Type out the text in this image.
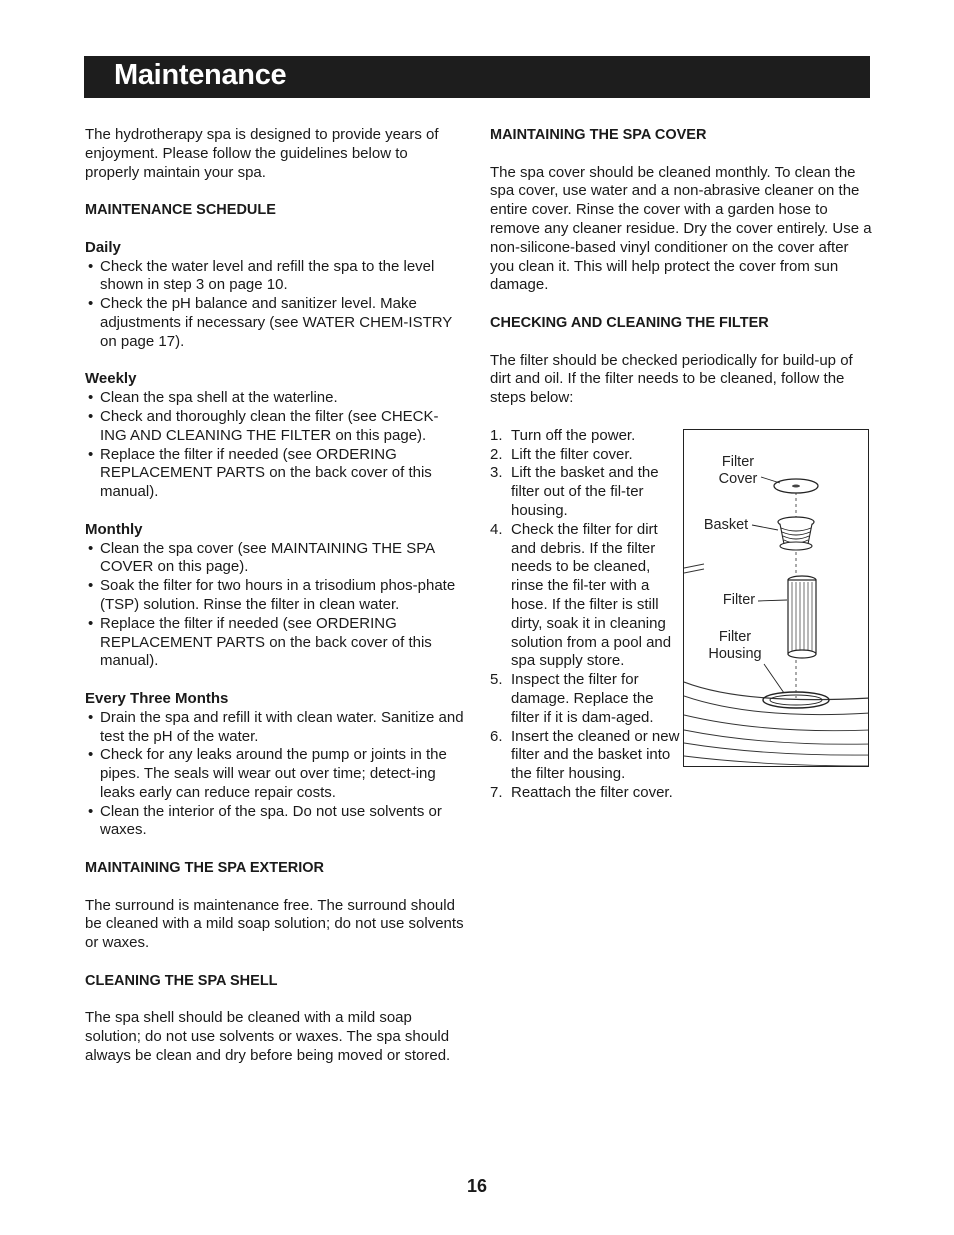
Maintenance

The hydrotherapy spa is designed to provide years of enjoyment. Please follow the guidelines below to properly maintain your spa.

MAINTENANCE SCHEDULE

Daily

• Check the water level and refill the spa to the level shown in step 3 on page 10.
• Check the pH balance and sanitizer level. Make adjustments if necessary (see WATER CHEM-ISTRY on page 17).

Weekly

• Clean the spa shell at the waterline.
• Check and thoroughly clean the filter (see CHECK-ING AND CLEANING THE FILTER on this page).
• Replace the filter if needed (see ORDERING REPLACEMENT PARTS on the back cover of this manual).

Monthly

• Clean the spa cover (see MAINTAINING THE SPA COVER on this page).
• Soak the filter for two hours in a trisodium phos-phate (TSP) solution. Rinse the filter in clean water.
• Replace the filter if needed (see ORDERING REPLACEMENT PARTS on the back cover of this manual).

Every Three Months

• Drain the spa and refill it with clean water. Sanitize and test the pH of the water.
• Check for any leaks around the pump or joints in the pipes. The seals will wear out over time; detect-ing leaks early can reduce repair costs.
• Clean the interior of the spa. Do not use solvents or waxes.

MAINTAINING THE SPA EXTERIOR

The surround is maintenance free. The surround should be cleaned with a mild soap solution; do not use solvents or waxes.

CLEANING THE SPA SHELL

The spa shell should be cleaned with a mild soap solution; do not use solvents or waxes. The spa should always be clean and dry before being moved or stored.

MAINTAINING THE SPA COVER

The spa cover should be cleaned monthly. To clean the spa cover, use water and a non-abrasive cleaner on the entire cover. Rinse the cover with a garden hose to remove any cleaner residue. Dry the cover entirely. Use a non-silicone-based vinyl conditioner on the cover after you clean it. This will help protect the cover from sun damage.

CHECKING AND CLEANING THE FILTER

The filter should be checked periodically for build-up of dirt and oil. If the filter needs to be cleaned, follow the steps below:

1. Turn off the power.
2. Lift the filter cover.
3. Lift the basket and the filter out of the fil-ter housing.
4. Check the filter for dirt and debris. If the filter needs to be cleaned, rinse the fil-ter with a hose. If the filter is still dirty, soak it in cleaning solution from a pool and spa supply store.
5. Inspect the filter for damage. Replace the filter if it is dam-aged.
6. Insert the cleaned or new filter and the basket into the filter housing.
7. Reattach the filter cover.
Filter
Cover
Basket
Filter
Filter
Housing
16
